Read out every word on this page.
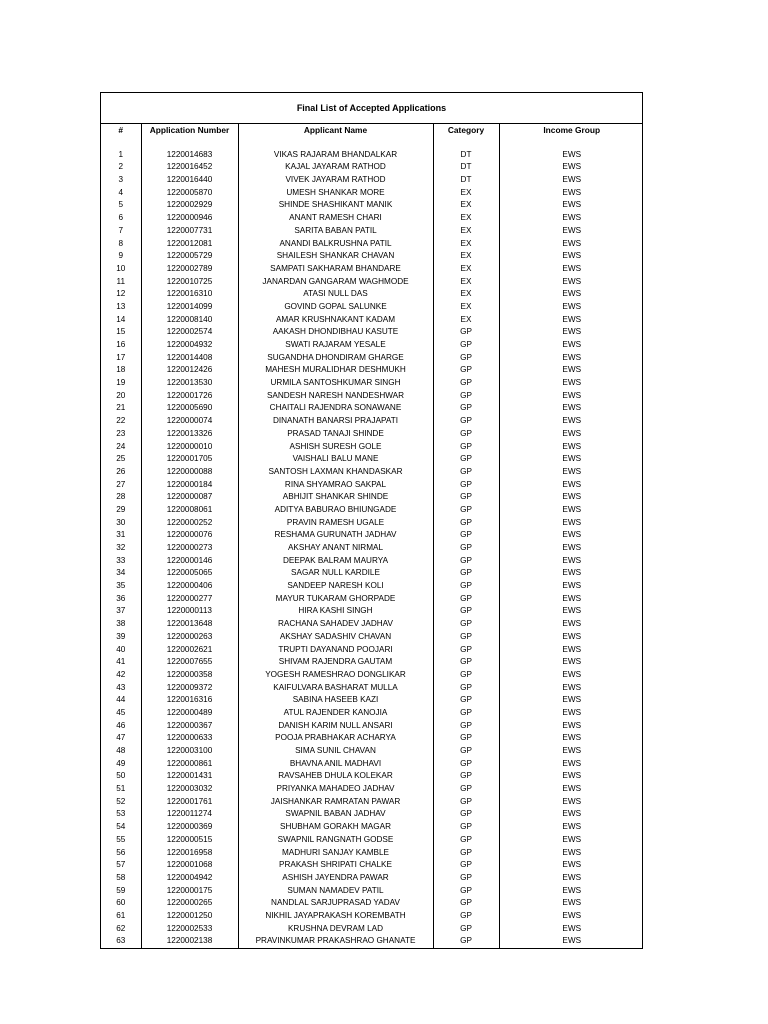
Final List of Accepted Applications

#	Application Number	Applicant Name	Category	Income Group
1	1220014683	VIKAS RAJARAM BHANDALKAR	DT	EWS
2	1220016452	KAJAL JAYARAM RATHOD	DT	EWS
3	1220016440	VIVEK JAYARAM RATHOD	DT	EWS
4	1220005870	UMESH SHANKAR MORE	EX	EWS
5	1220002929	SHINDE SHASHIKANT MANIK	EX	EWS
6	1220000946	ANANT RAMESH CHARI	EX	EWS
7	1220007731	SARITA BABAN PATIL	EX	EWS
8	1220012081	ANANDI BALKRUSHNA PATIL	EX	EWS
9	1220005729	SHAILESH SHANKAR CHAVAN	EX	EWS
10	1220002789	SAMPATI SAKHARAM BHANDARE	EX	EWS
11	1220010725	JANARDAN GANGARAM WAGHMODE	EX	EWS
12	1220016310	ATASI NULL DAS	EX	EWS
13	1220014099	GOVIND GOPAL SALUNKE	EX	EWS
14	1220008140	AMAR KRUSHNAKANT KADAM	EX	EWS
15	1220002574	AAKASH DHONDIBHAU KASUTE	GP	EWS
16	1220004932	SWATI RAJARAM YESALE	GP	EWS
17	1220014408	SUGANDHA DHONDIRAM GHARGE	GP	EWS
18	1220012426	MAHESH MURALIDHAR DESHMUKH	GP	EWS
19	1220013530	URMILA SANTOSHKUMAR SINGH	GP	EWS
20	1220001726	SANDESH NARESH NANDESHWAR	GP	EWS
21	1220005690	CHAITALI RAJENDRA SONAWANE	GP	EWS
22	1220000074	DINANATH BANARSI PRAJAPATI	GP	EWS
23	1220013326	PRASAD TANAJI SHINDE	GP	EWS
24	1220000010	ASHISH SURESH GOLE	GP	EWS
25	1220001705	VAISHALI BALU MANE	GP	EWS
26	1220000088	SANTOSH LAXMAN KHANDASKAR	GP	EWS
27	1220000184	RINA SHYAMRAO SAKPAL	GP	EWS
28	1220000087	ABHIJIT SHANKAR SHINDE	GP	EWS
29	1220008061	ADITYA BABURAO BHIUNGADE	GP	EWS
30	1220000252	PRAVIN RAMESH UGALE	GP	EWS
31	1220000076	RESHAMA GURUNATH JADHAV	GP	EWS
32	1220000273	AKSHAY ANANT NIRMAL	GP	EWS
33	1220000146	DEEPAK BALRAM MAURYA	GP	EWS
34	1220005065	SAGAR NULL KARDILE	GP	EWS
35	1220000406	SANDEEP NARESH KOLI	GP	EWS
36	1220000277	MAYUR TUKARAM GHORPADE	GP	EWS
37	1220000113	HIRA KASHI SINGH	GP	EWS
38	1220013648	RACHANA SAHADEV JADHAV	GP	EWS
39	1220000263	AKSHAY SADASHIV CHAVAN	GP	EWS
40	1220002621	TRUPTI DAYANAND POOJARI	GP	EWS
41	1220007655	SHIVAM RAJENDRA GAUTAM	GP	EWS
42	1220000358	YOGESH RAMESHRAO DONGLIKAR	GP	EWS
43	1220009372	KAIFULVARA BASHARAT MULLA	GP	EWS
44	1220016316	SABINA HASEEB KAZI	GP	EWS
45	1220000489	ATUL RAJENDER KANOJIA	GP	EWS
46	1220000367	DANISH KARIM NULL ANSARI	GP	EWS
47	1220000633	POOJA PRABHAKAR ACHARYA	GP	EWS
48	1220003100	SIMA SUNIL CHAVAN	GP	EWS
49	1220000861	BHAVNA ANIL MADHAVI	GP	EWS
50	1220001431	RAVSAHEB DHULA KOLEKAR	GP	EWS
51	1220003032	PRIYANKA MAHADEO JADHAV	GP	EWS
52	1220001761	JAISHANKAR RAMRATAN PAWAR	GP	EWS
53	1220011274	SWAPNIL BABAN JADHAV	GP	EWS
54	1220000369	SHUBHAM GORAKH MAGAR	GP	EWS
55	1220000515	SWAPNIL RANGNATH GODSE	GP	EWS
56	1220016958	MADHURI SANJAY KAMBLE	GP	EWS
57	1220001068	PRAKASH SHRIPATI CHALKE	GP	EWS
58	1220004942	ASHISH JAYENDRA PAWAR	GP	EWS
59	1220000175	SUMAN NAMADEV PATIL	GP	EWS
60	1220000265	NANDLAL SARJUPRASAD YADAV	GP	EWS
61	1220001250	NIKHIL JAYAPRAKASH KOREMBATH	GP	EWS
62	1220002533	KRUSHNA DEVRAM LAD	GP	EWS
63	1220002138	PRAVINKUMAR PRAKASHRAO GHANATE	GP	EWS
